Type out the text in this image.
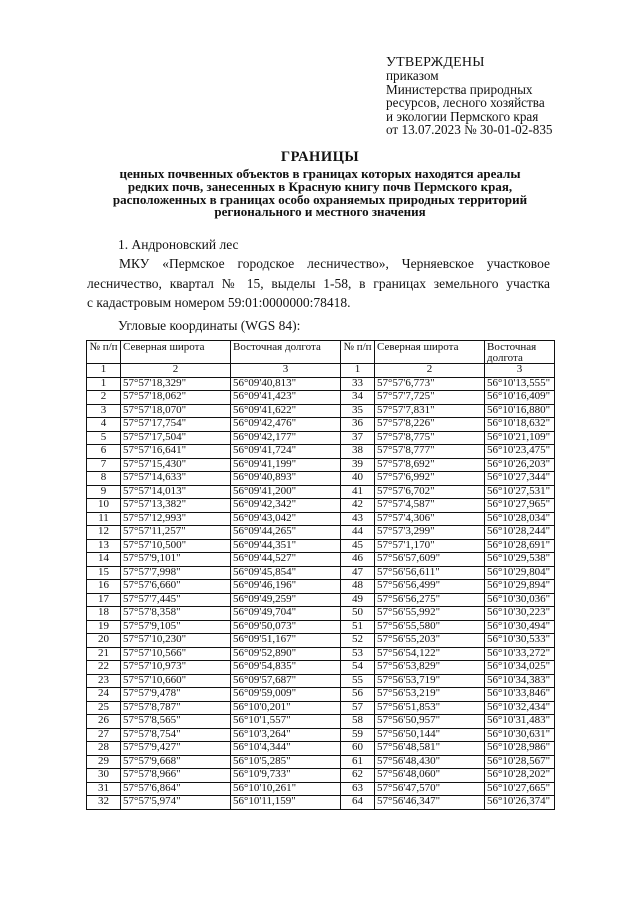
УТВЕРЖДЕНЫ
приказом
Министерства природных
ресурсов, лесного хозяйства
и экологии Пермского края
от 13.07.2023 № 30-01-02-835
ГРАНИЦЫ
ценных почвенных объектов в границах которых находятся ареалы
редких почв, занесенных в Красную книгу почв Пермского края,
расположенных в границах особо охраняемых природных территорий
регионального и местного значения
1. Андроновский лес
МКУ «Пермское городское лесничество», Черняевское участковое
лесничество, квартал № 15, выделы 1-58, в границах земельного участка
с кадастровым номером 59:01:0000000:78418.
Угловые координаты (WGS 84):
№ п/п	Северная широта	Восточная долгота	№ п/п	Северная широта	Восточная долгота

1	2	3	1	2	3
1	57°57'18,329"	56°09'40,813"	33	57°57'6,773"	56°10'13,555"
2	57°57'18,062"	56°09'41,423"	34	57°57'7,725"	56°10'16,409"
3	57°57'18,070"	56°09'41,622"	35	57°57'7,831"	56°10'16,880"
4	57°57'17,754"	56°09'42,476"	36	57°57'8,226"	56°10'18,632"
5	57°57'17,504"	56°09'42,177"	37	57°57'8,775"	56°10'21,109"
6	57°57'16,641"	56°09'41,724"	38	57°57'8,777"	56°10'23,475"
7	57°57'15,430"	56°09'41,199"	39	57°57'8,692"	56°10'26,203"
8	57°57'14,633"	56°09'40,893"	40	57°57'6,992"	56°10'27,344"
9	57°57'14,013"	56°09'41,200"	41	57°57'6,702"	56°10'27,531"
10	57°57'13,382"	56°09'42,342"	42	57°57'4,587"	56°10'27,965"
11	57°57'12,993"	56°09'43,042"	43	57°57'4,306"	56°10'28,034"
12	57°57'11,257"	56°09'44,265"	44	57°57'3,299"	56°10'28,244"
13	57°57'10,500"	56°09'44,351"	45	57°57'1,170"	56°10'28,691"
14	57°57'9,101"	56°09'44,527"	46	57°56'57,609"	56°10'29,538"
15	57°57'7,998"	56°09'45,854"	47	57°56'56,611"	56°10'29,804"
16	57°57'6,660"	56°09'46,196"	48	57°56'56,499"	56°10'29,894"
17	57°57'7,445"	56°09'49,259"	49	57°56'56,275"	56°10'30,036"
18	57°57'8,358"	56°09'49,704"	50	57°56'55,992"	56°10'30,223"
19	57°57'9,105"	56°09'50,073"	51	57°56'55,580"	56°10'30,494"
20	57°57'10,230"	56°09'51,167"	52	57°56'55,203"	56°10'30,533"
21	57°57'10,566"	56°09'52,890"	53	57°56'54,122"	56°10'33,272"
22	57°57'10,973"	56°09'54,835"	54	57°56'53,829"	56°10'34,025"
23	57°57'10,660"	56°09'57,687"	55	57°56'53,719"	56°10'34,383"
24	57°57'9,478"	56°09'59,009"	56	57°56'53,219"	56°10'33,846"
25	57°57'8,787"	56°10'0,201"	57	57°56'51,853"	56°10'32,434"
26	57°57'8,565"	56°10'1,557"	58	57°56'50,957"	56°10'31,483"
27	57°57'8,754"	56°10'3,264"	59	57°56'50,144"	56°10'30,631"
28	57°57'9,427"	56°10'4,344"	60	57°56'48,581"	56°10'28,986"
29	57°57'9,668"	56°10'5,285"	61	57°56'48,430"	56°10'28,567"
30	57°57'8,966"	56°10'9,733"	62	57°56'48,060"	56°10'28,202"
31	57°57'6,864"	56°10'10,261"	63	57°56'47,570"	56°10'27,665"
32	57°57'5,974"	56°10'11,159"	64	57°56'46,347"	56°10'26,374"
